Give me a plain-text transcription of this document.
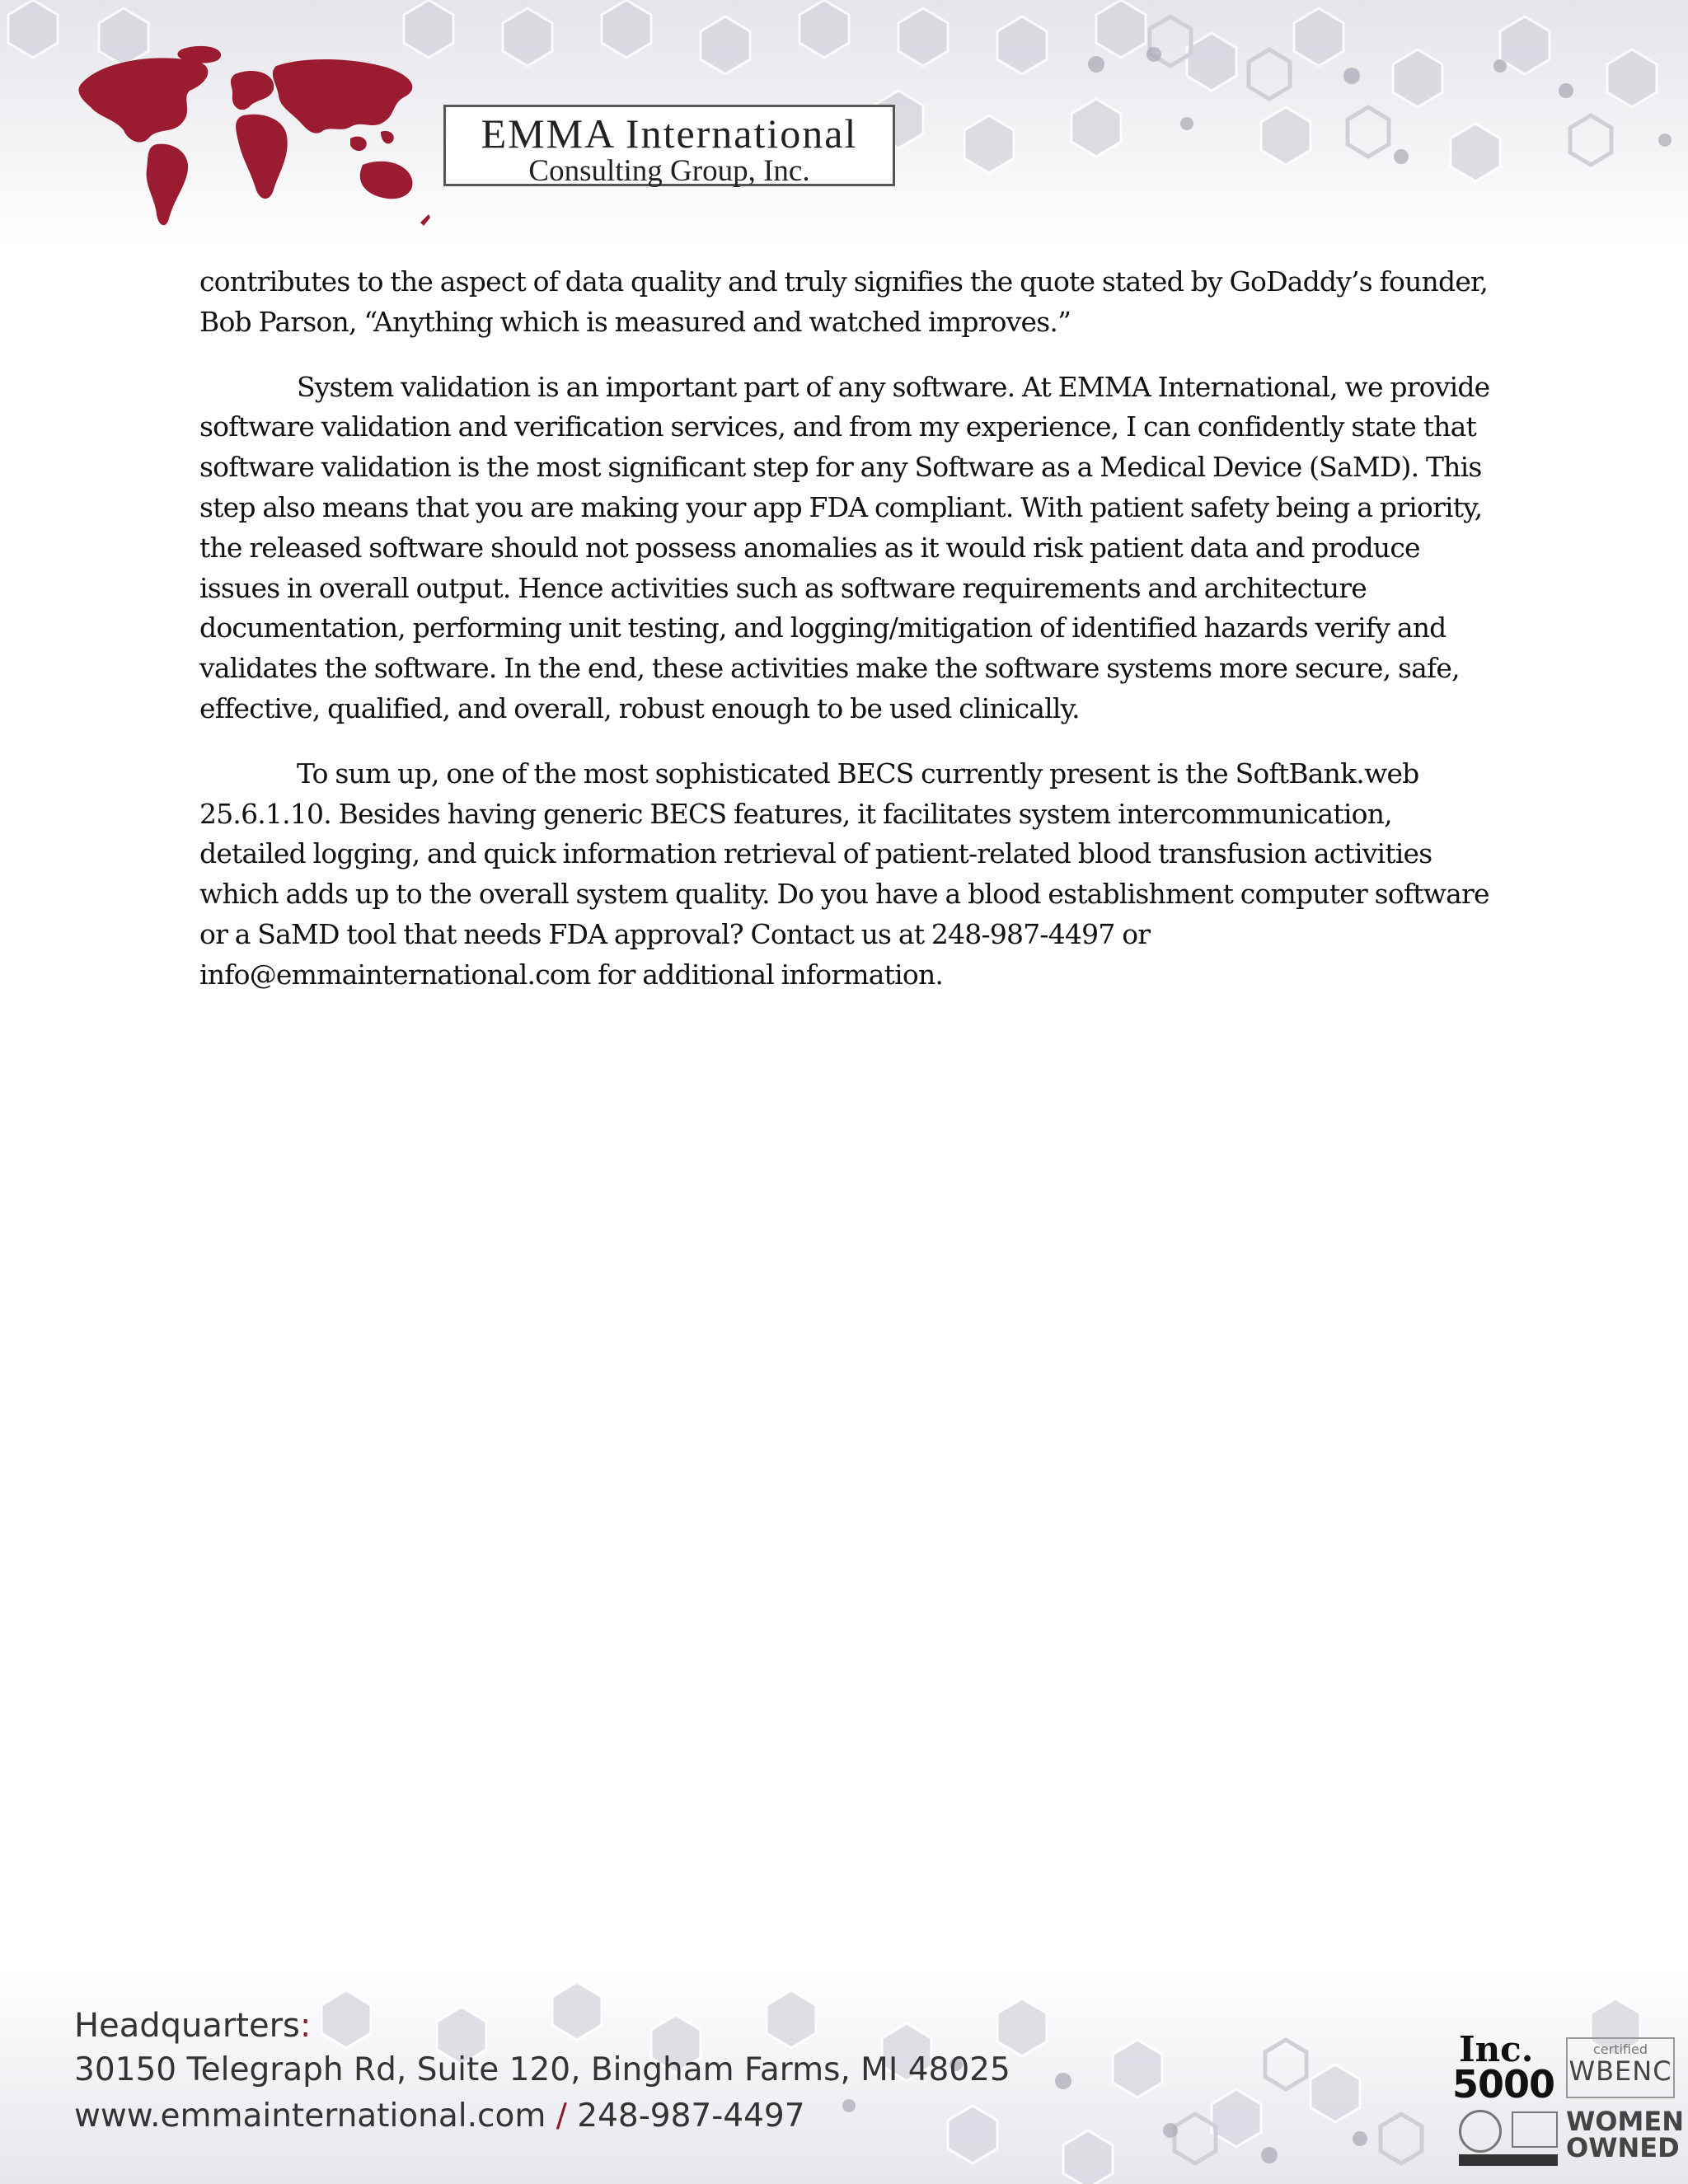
EMMA International
Consulting Group, Inc.

contributes to the aspect of data quality and truly signifies the quote stated by GoDaddy’s founder, Bob Parson, “Anything which is measured and watched improves.”

System validation is an important part of any software. At EMMA International, we provide software validation and verification services, and from my experience, I can confidently state that software validation is the most significant step for any Software as a Medical Device (SaMD). This step also means that you are making your app FDA compliant. With patient safety being a priority, the released software should not possess anomalies as it would risk patient data and produce issues in overall output. Hence activities such as software requirements and architecture documentation, performing unit testing, and logging/mitigation of identified hazards verify and validates the software. In the end, these activities make the software systems more secure, safe, effective, qualified, and overall, robust enough to be used clinically.

To sum up, one of the most sophisticated BECS currently present is the SoftBank.web 25.6.1.10. Besides having generic BECS features, it facilitates system intercommunication, detailed logging, and quick information retrieval of patient-related blood transfusion activities which adds up to the overall system quality. Do you have a blood establishment computer software or a SaMD tool that needs FDA approval? Contact us at 248-987-4497 or info@emmainternational.com for additional information.

Headquarters:
30150 Telegraph Rd, Suite 120, Bingham Farms, MI 48025
www.emmainternational.com / 248-987-4497
Inc.
5000
certified
WBENC
WOMEN
OWNED
